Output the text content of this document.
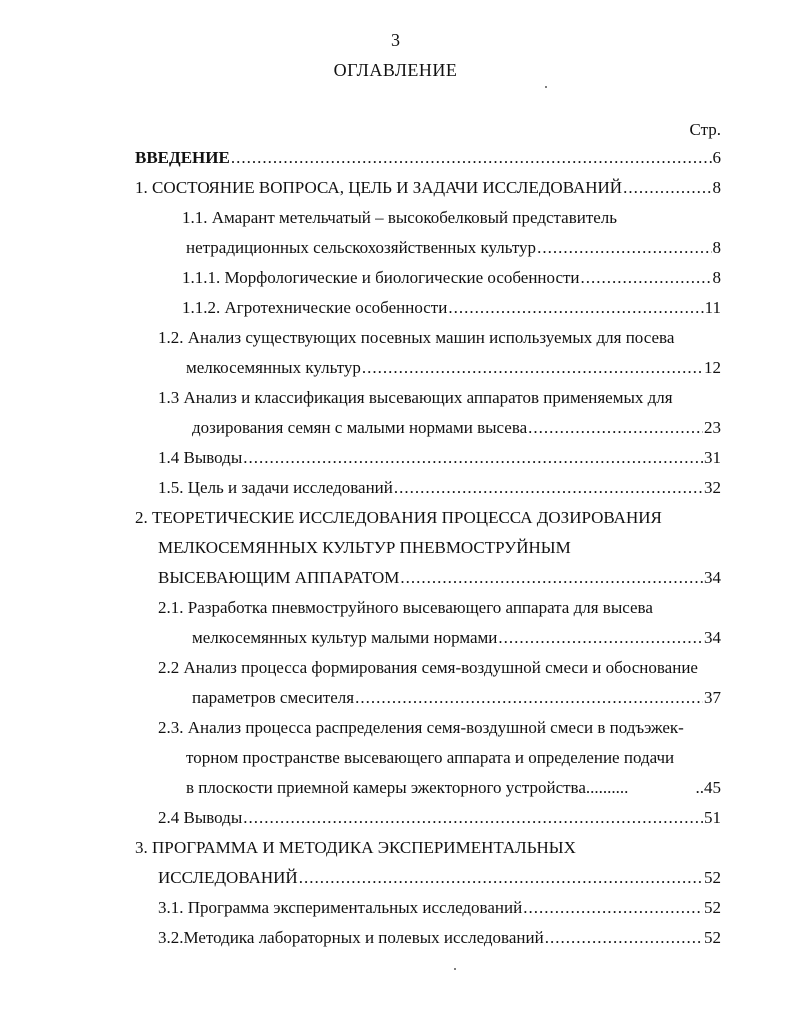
3
ОГЛАВЛЕНИЕ
Стр.
ВВЕДЕНИЕ .....	6
1. СОСТОЯНИЕ ВОПРОСА, ЦЕЛЬ И ЗАДАЧИ ИССЛЕДОВАНИЙ .....	8
1.1. Амарант метельчатый – высокобелковый представитель
нетрадиционных сельскохозяйственных культур .....	8
1.1.1. Морфологические и биологические особенности .....	8
1.1.2. Агротехнические особенности .....	11
1.2. Анализ существующих посевных машин используемых для посева
мелкосемянных культур .....	12
1.3 Анализ и классификация высевающих аппаратов применяемых для
дозирования семян с малыми нормами высева .....	23
1.4 Выводы .....	31
1.5. Цель и задачи исследований .....	32
2. ТЕОРЕТИЧЕСКИЕ ИССЛЕДОВАНИЯ ПРОЦЕССА ДОЗИРОВАНИЯ
МЕЛКОСЕМЯННЫХ КУЛЬТУР ПНЕВМОСТРУЙНЫМ
ВЫСЕВАЮЩИМ АППАРАТОМ .....	34
2.1. Разработка пневмоструйного высевающего аппарата для высева
мелкосемянных культур малыми нормами .....	34
2.2 Анализ процесса формирования семя-воздушной смеси и обоснование
параметров смесителя .....	37
2.3. Анализ процесса распределения семя-воздушной смеси в подъэжек-
торном пространстве высевающего аппарата и определение подачи
в плоскости приемной камеры эжекторного устройства..........	..45
2.4 Выводы .....	51
3. ПРОГРАММА И МЕТОДИКА ЭКСПЕРИМЕНТАЛЬНЫХ
ИССЛЕДОВАНИЙ .....	52
3.1. Программа экспериментальных исследований .....	52
3.2.Методика лабораторных и полевых исследований .....	52
